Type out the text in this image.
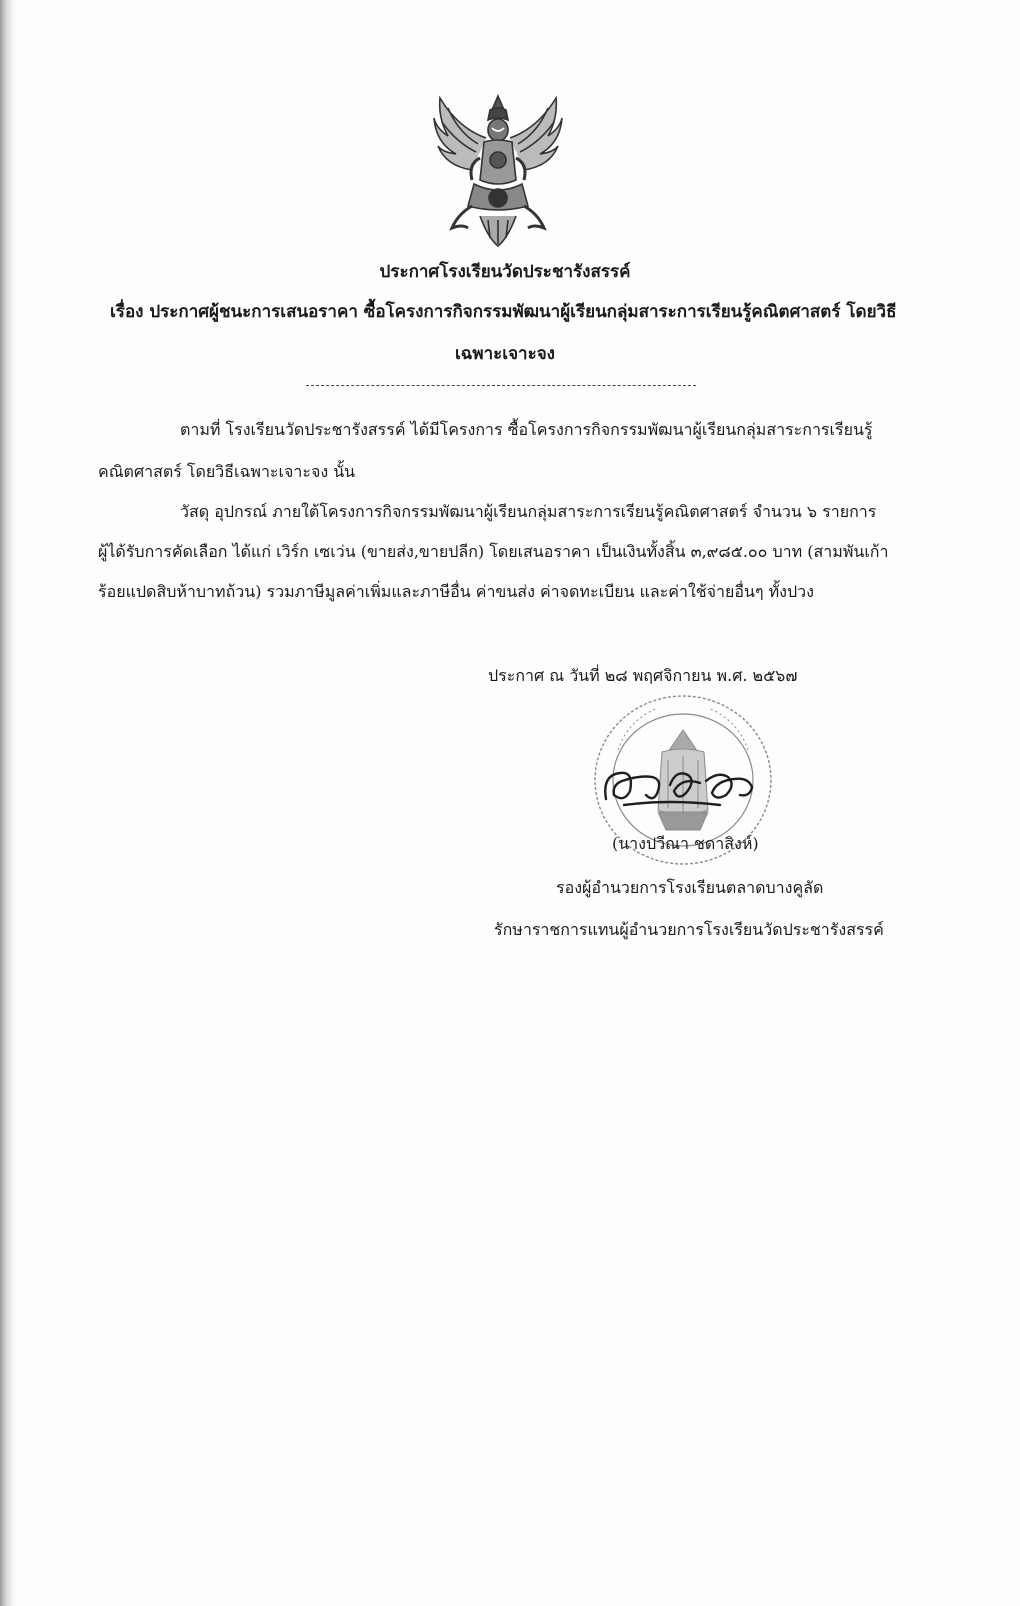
ประกาศโรงเรียนวัดประชารังสรรค์
เรื่อง ประกาศผู้ชนะการเสนอราคา ซื้อโครงการกิจกรรมพัฒนาผู้เรียนกลุ่มสาระการเรียนรู้คณิตศาสตร์ โดยวิธี
เฉพาะเจาะจง
ตามที่ โรงเรียนวัดประชารังสรรค์ ได้มีโครงการ ซื้อโครงการกิจกรรมพัฒนาผู้เรียนกลุ่มสาระการเรียนรู้
คณิตศาสตร์ โดยวิธีเฉพาะเจาะจง นั้น
วัสดุ อุปกรณ์ ภายใต้โครงการกิจกรรมพัฒนาผู้เรียนกลุ่มสาระการเรียนรู้คณิตศาสตร์ จำนวน ๖ รายการ
ผู้ได้รับการคัดเลือก ได้แก่ เวิร์ก เซเว่น (ขายส่ง,ขายปลีก) โดยเสนอราคา เป็นเงินทั้งสิ้น ๓,๙๘๕.๐๐ บาท (สามพันเก้า
ร้อยแปดสิบห้าบาทถ้วน) รวมภาษีมูลค่าเพิ่มและภาษีอื่น ค่าขนส่ง ค่าจดทะเบียน และค่าใช้จ่ายอื่นๆ ทั้งปวง
ประกาศ ณ วันที่ ๒๘ พฤศจิกายน พ.ศ. ๒๕๖๗
(นางปวีณา ชดาสิงห์)
รองผู้อำนวยการโรงเรียนตลาดบางคูลัด
รักษาราชการแทนผู้อำนวยการโรงเรียนวัดประชารังสรรค์
